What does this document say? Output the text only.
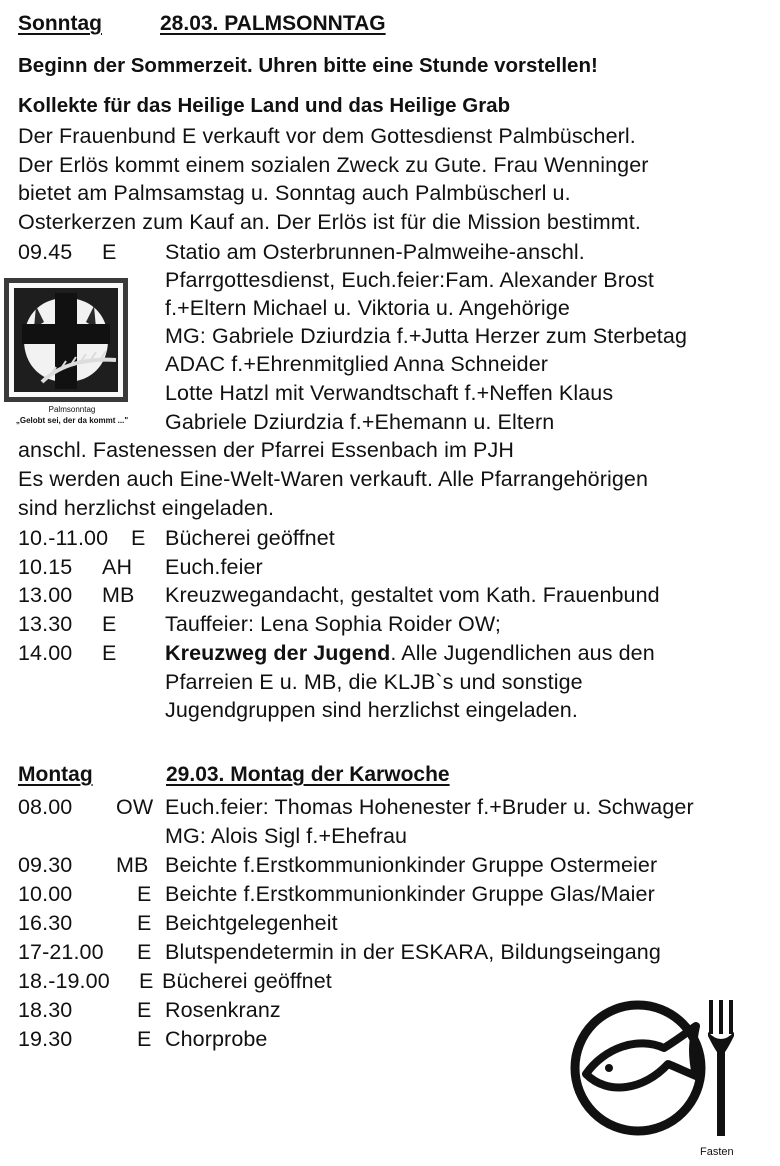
Sonntag	28.03. PALMSONNTAG
Beginn der Sommerzeit. Uhren bitte eine Stunde vorstellen!
Kollekte für das Heilige Land und das Heilige Grab
Der Frauenbund E verkauft vor dem Gottesdienst Palmbüscherl.
Der Erlös kommt einem sozialen Zweck zu Gute. Frau Wenninger
bietet am Palmsamstag u. Sonntag auch Palmbüscherl u.
Osterkerzen zum Kauf an. Der Erlös ist für die Mission bestimmt.
09.45 E Statio am Osterbrunnen-Palmweihe-anschl.
Pfarrgottesdienst, Euch.feier:Fam. Alexander Brost
f.+Eltern Michael u. Viktoria u. Angehörige
MG: Gabriele Dziurdzia f.+Jutta Herzer zum Sterbetag
ADAC f.+Ehrenmitglied Anna Schneider
Lotte Hatzl mit Verwandtschaft f.+Neffen Klaus
Gabriele Dziurdzia f.+Ehemann u. Eltern
Palmsonntag
„Gelobt sei, der da kommt ..."
anschl. Fastenessen der Pfarrei Essenbach im PJH
Es werden auch Eine-Welt-Waren verkauft. Alle Pfarrangehörigen
sind herzlichst eingeladen.
10.-11.00 E Bücherei geöffnet
10.15 AH Euch.feier
13.00 MB Kreuzwegandacht, gestaltet vom Kath. Frauenbund
13.30 E Tauffeier: Lena Sophia Roider OW;
14.00 E Kreuzweg der Jugend. Alle Jugendlichen aus den
Pfarreien E u. MB, die KLJB`s und sonstige
Jugendgruppen sind herzlichst eingeladen.
Montag	29.03. Montag der Karwoche
08.00 OW Euch.feier: Thomas Hohenester f.+Bruder u. Schwager
MG: Alois Sigl f.+Ehefrau
09.30 MB Beichte f.Erstkommunionkinder Gruppe Ostermeier
10.00	E Beichte f.Erstkommunionkinder Gruppe Glas/Maier
16.30	E Beichtgelegenheit
17-21.00 E Blutspendetermin in der ESKARA, Bildungseingang
18.-19.00 E Bücherei geöffnet
18.30	E Rosenkranz
19.30	E Chorprobe
Fasten
